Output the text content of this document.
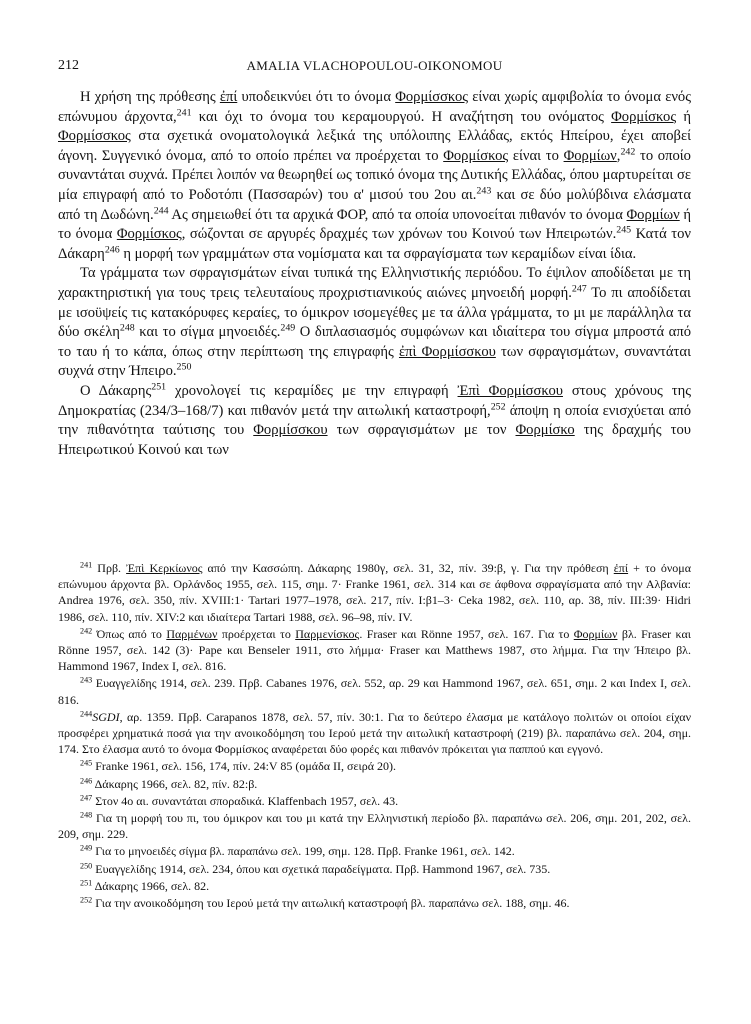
212	AMALIA VLACHOPOULOU-OIKONOMOU

Η χρήση της πρόθεσης ἐπί υποδεικνύει ότι το όνομα Φορμίσσκος είναι χωρίς αμφιβολία το όνομα ενός επώνυμου άρχοντα,$^{241}$ και όχι το όνομα του κεραμουργού. Η αναζήτηση του ονόματος Φορμίσκος ή Φορμίσσκος στα σχετικά ονοματολογικά λεξικά της υπόλοιπης Ελλάδας, εκτός Ηπείρου, έχει αποβεί άγονη. Συγγενικό όνομα, από το οποίο πρέπει να προέρχεται το Φορμίσκος είναι το Φορμίων,$^{242}$ το οποίο συναντάται συχνά. Πρέπει λοιπόν να θεωρηθεί ως τοπικό όνομα της Δυτικής Ελλάδας, όπου μαρτυρείται σε μία επιγραφή από το Ροδοτόπι (Πασσαρών) του α' μισού του 2ου αι.$^{243}$ και σε δύο μολύβδινα ελάσματα από τη Δωδώνη.$^{244}$ Ας σημειωθεί ότι τα αρχικά ΦΟΡ, από τα οποία υπονοείται πιθανόν το όνομα Φορμίων ή το όνομα Φορμίσκος, σώζονται σε αργυρές δραχμές των χρόνων του Κοινού των Ηπειρωτών.$^{245}$ Κατά τον Δάκαρη$^{246}$ η μορφή των γραμμάτων στα νομίσματα και τα σφραγίσματα των κεραμίδων είναι ίδια.

Τα γράμματα των σφραγισμάτων είναι τυπικά της Ελληνιστικής περιόδου. Το έψιλον αποδίδεται με τη χαρακτηριστική για τους τρεις τελευταίους προχριστιανικούς αιώνες μηνοειδή μορφή.$^{247}$ Το πι αποδίδεται με ισοϋψείς τις κατακόρυφες κεραίες, το όμικρον ισομεγέθες με τα άλλα γράμματα, το μι με παράλληλα τα δύο σκέλη$^{248}$ και το σίγμα μηνοειδές.$^{249}$ Ο διπλασιασμός συμφώνων και ιδιαίτερα του σίγμα μπροστά από το ταυ ή το κάπα, όπως στην περίπτωση της επιγραφής ἐπὶ Φορμίσσκου των σφραγισμάτων, συναντάται συχνά στην Ήπειρο.$^{250}$

Ο Δάκαρης$^{251}$ χρονολογεί τις κεραμίδες με την επιγραφή Ἐπὶ Φορμίσσκου στους χρόνους της Δημοκρατίας (234/3–168/7) και πιθανόν μετά την αιτωλική καταστροφή,$^{252}$ άποψη η οποία ενισχύεται από την πιθανότητα ταύτισης του Φορμίσσκου των σφραγισμάτων με τον Φορμίσκο της δραχμής του Ηπειρωτικού Κοινού και των

$^{241}$ Πρβ. Ἐπὶ Κερκίωνος από την Κασσώπη. Δάκαρης 1980γ, σελ. 31, 32, πίν. 39:β, γ. Για την πρόθεση ἐπί + το όνομα επώνυμου άρχοντα βλ. Ορλάνδος 1955, σελ. 115, σημ. 7· Franke 1961, σελ. 314 και σε άφθονα σφραγίσματα από την Αλβανία: Andrea 1976, σελ. 350, πίν. XVIII:1· Tartari 1977–1978, σελ. 217, πίν. I:β1–3· Ceka 1982, σελ. 110, αρ. 38, πίν. III:39· Hidri 1986, σελ. 110, πίν. XIV:2 και ιδιαίτερα Tartari 1988, σελ. 96–98, πίν. IV.

$^{242}$ Όπως από το Παρμένων προέρχεται το Παρμενίσκος. Fraser και Rönne 1957, σελ. 167. Για το Φορμίων βλ. Fraser και Rönne 1957, σελ. 142 (3)· Pape και Benseler 1911, στο λήμμα· Fraser και Matthews 1987, στο λήμμα. Για την Ήπειρο βλ. Hammond 1967, Index I, σελ. 816.

$^{243}$ Ευαγγελίδης 1914, σελ. 239. Πρβ. Cabanes 1976, σελ. 552, αρ. 29 και Hammond 1967, σελ. 651, σημ. 2 και Index I, σελ. 816.

$^{244}$SGDI, αρ. 1359. Πρβ. Carapanos 1878, σελ. 57, πίν. 30:1. Για το δεύτερο έλασμα με κατάλογο πολιτών οι οποίοι είχαν προσφέρει χρηματικά ποσά για την ανοικοδόμηση του Ιερού μετά την αιτωλική καταστροφή (219) βλ. παραπάνω σελ. 204, σημ. 174. Στο έλασμα αυτό το όνομα Φορμίσκος αναφέρεται δύο φορές και πιθανόν πρόκειται για παππού και εγγονό.

$^{245}$ Franke 1961, σελ. 156, 174, πίν. 24:V 85 (ομάδα II, σειρά 20).

$^{246}$ Δάκαρης 1966, σελ. 82, πίν. 82:β.

$^{247}$ Στον 4ο αι. συναντάται σποραδικά. Klaffenbach 1957, σελ. 43.

$^{248}$ Για τη μορφή του πι, του όμικρον και του μι κατά την Ελληνιστική περίοδο βλ. παραπάνω σελ. 206, σημ. 201, 202, σελ. 209, σημ. 229.

$^{249}$ Για το μηνοειδές σίγμα βλ. παραπάνω σελ. 199, σημ. 128. Πρβ. Franke 1961, σελ. 142.

$^{250}$ Ευαγγελίδης 1914, σελ. 234, όπου και σχετικά παραδείγματα. Πρβ. Hammond 1967, σελ. 735.

$^{251}$ Δάκαρης 1966, σελ. 82.

$^{252}$ Για την ανοικοδόμηση του Ιερού μετά την αιτωλική καταστροφή βλ. παραπάνω σελ. 188, σημ. 46.
